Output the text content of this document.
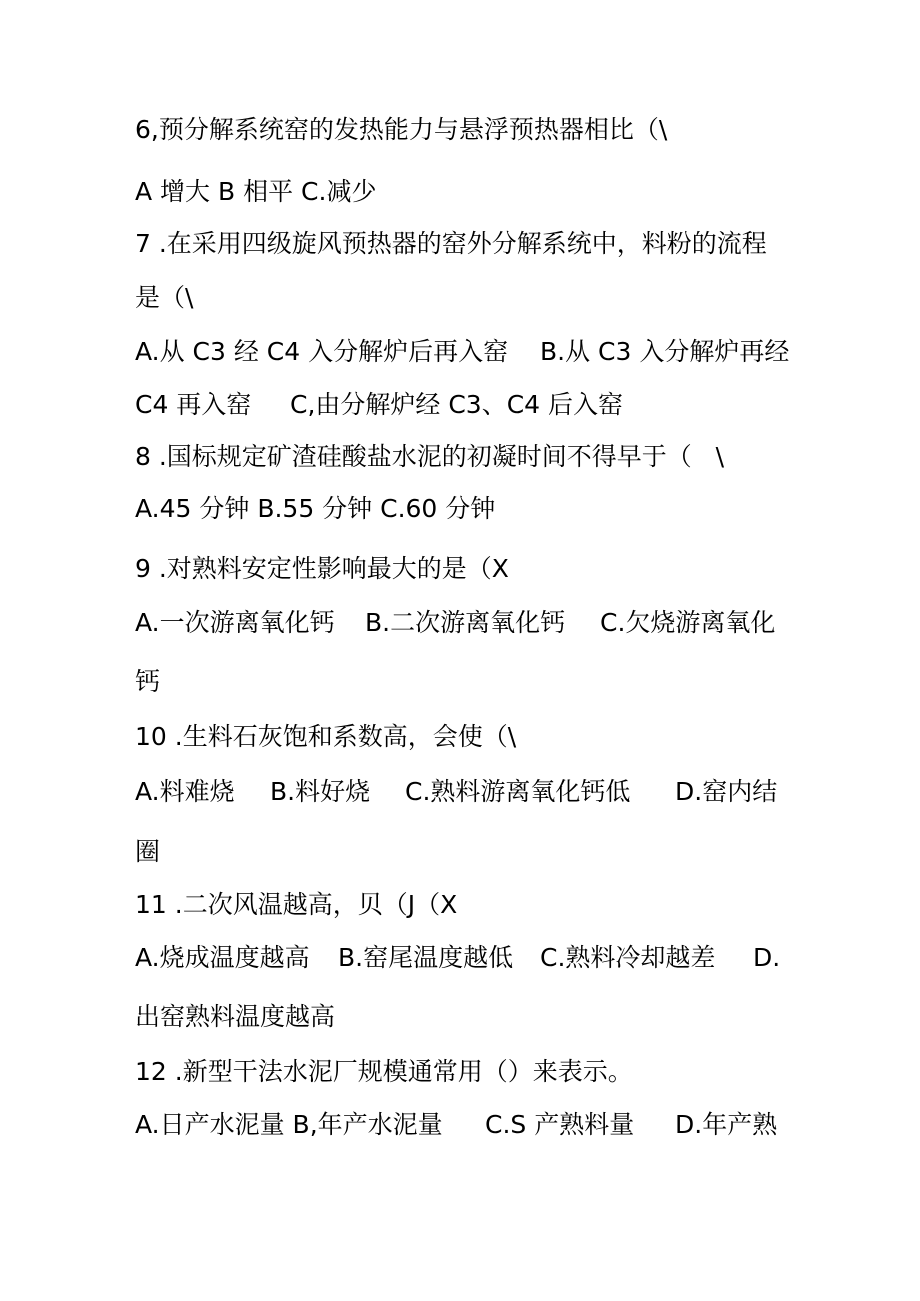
6,预分解系统窑的发热能力与悬浮预热器相比（\

A 增大 B 相平 C.减少

7 .在采用四级旋风预热器的窑外分解系统中，料粉的流程

是（\

A.从 C3 经 C4 入分解炉后再入窑

B.从 C3 入分解炉再经

C4 再入窑

C,由分解炉经 C3、C4 后入窑

8 .国标规定矿渣硅酸盐水泥的初凝时间不得早于（   \

A.45 分钟 B.55 分钟 C.60 分钟

9 .对熟料安定性影响最大的是（X

A.一次游离氧化钙

B.二次游离氧化钙

C.欠烧游离氧化

钙

10 .生料石灰饱和系数高，会使（\

A.料难烧

B.料好烧

C.熟料游离氧化钙低

D.窑内结

圈

11 .二次风温越高，贝（J（X

A.烧成温度越高

B.窑尾温度越低

C.熟料冷却越差

D.

出窑熟料温度越高

12 .新型干法水泥厂规模通常用（）来表示。

A.日产水泥量 B,年产水泥量

C.S 产熟料量

D.年产熟
